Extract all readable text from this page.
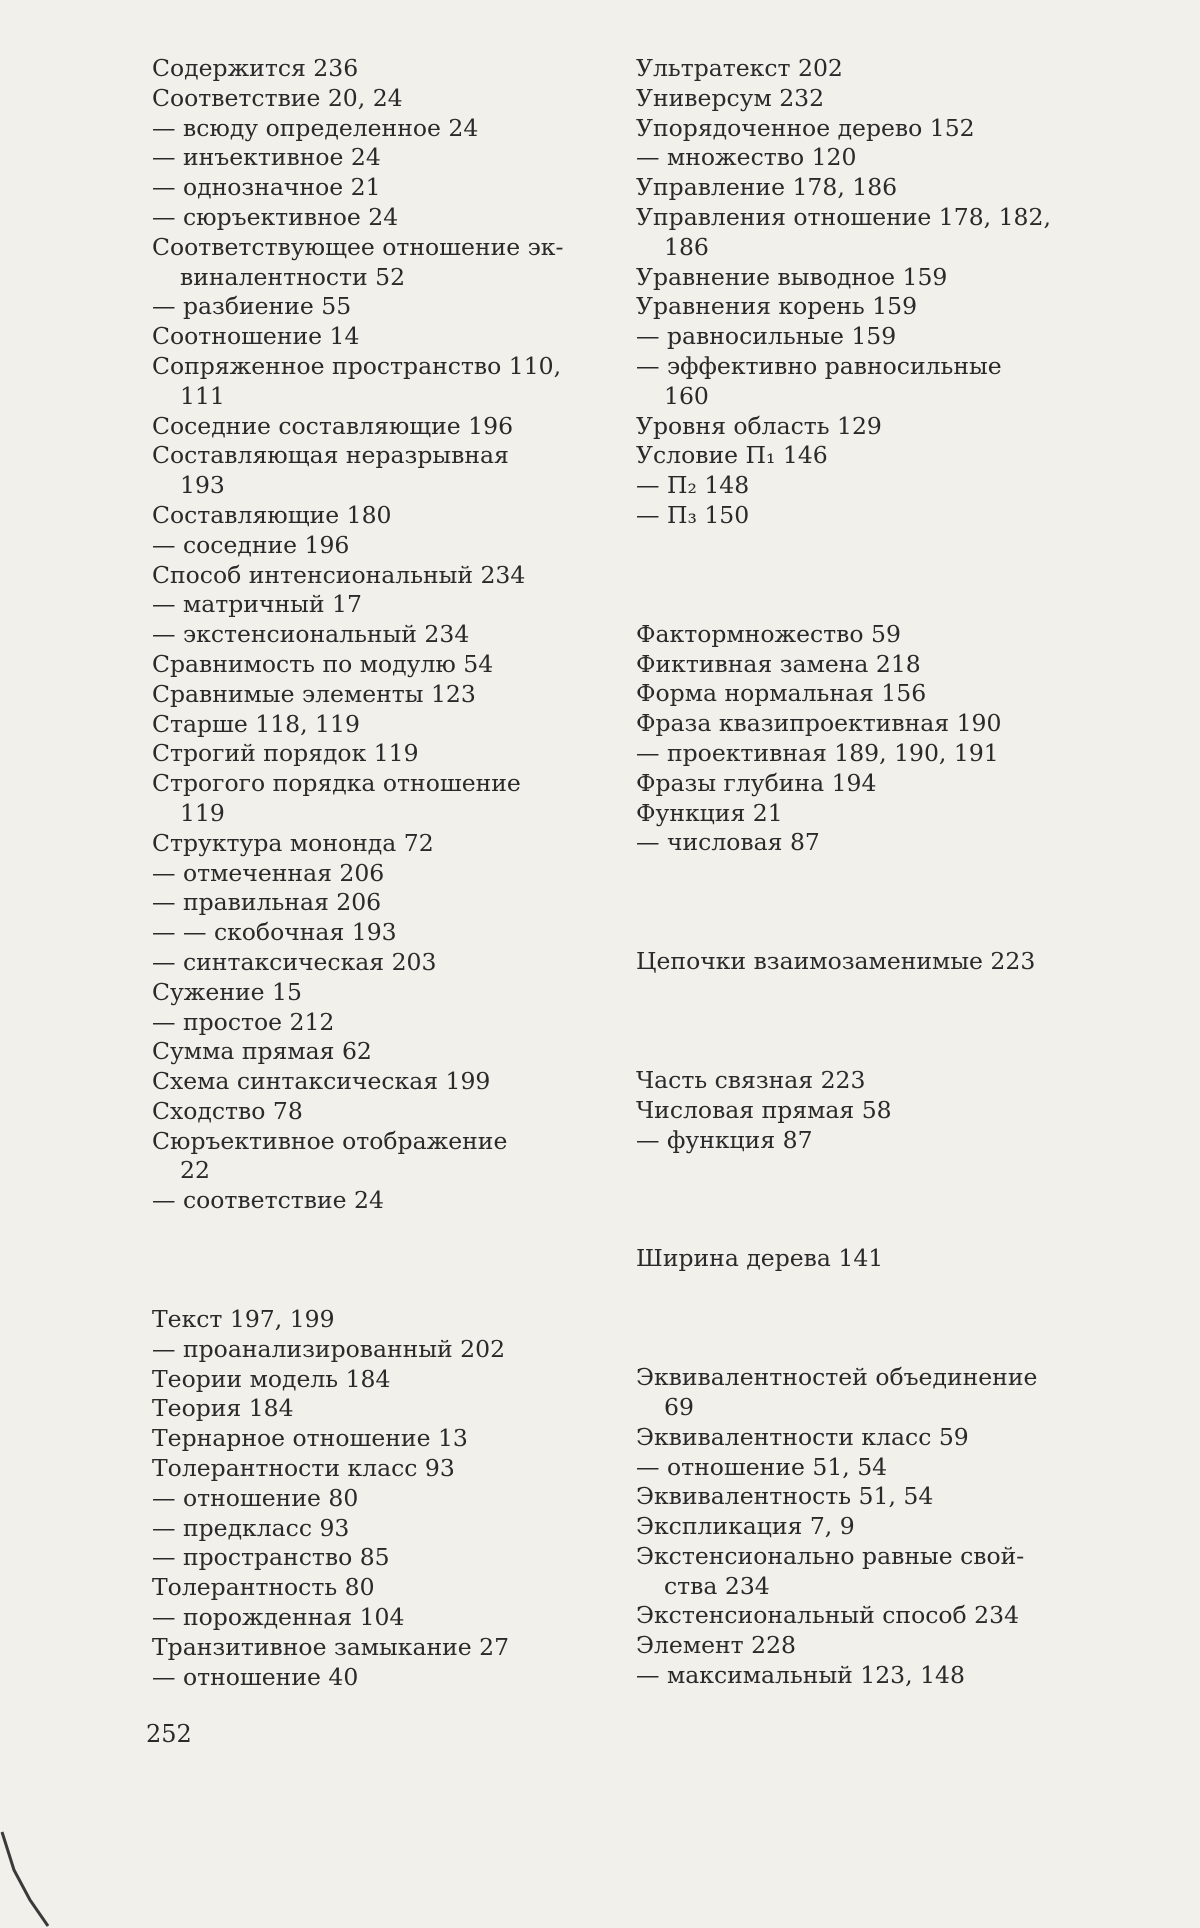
Содержится 236
Соответствие 20, 24
— всюду определенное 24
— инъективное 24
— однозначное 21
— сюръективное 24
Соответствующее отношение эк-
виналентности 52
— разбиение 55
Соотношение 14
Сопряженное пространство 110,
111
Соседние составляющие 196
Составляющая неразрывная
193
Составляющие 180
— соседние 196
Способ интенсиональный 234
— матричный 17
— экстенсиональный 234
Сравнимость по модулю 54
Сравнимые элементы 123
Старше 118, 119
Строгий порядок 119
Строгого порядка отношение
119
Структура мононда 72
— отмеченная 206
— правильная 206
— — скобочная 193
— синтаксическая 203
Сужение 15
— простое 212
Сумма прямая 62
Схема синтаксическая 199
Сходство 78
Сюръективное отображение
22
— соответствие 24
Текст 197, 199
— проанализированный 202
Теории модель 184
Теория 184
Тернарное отношение 13
Толерантности класс 93
— отношение 80
— предкласс 93
— пространство 85
Толерантность 80
— порожденная 104
Транзитивное замыкание 27
— отношение 40
Ультратекст 202
Универсум 232
Упорядоченное дерево 152
— множество 120
Управление 178, 186
Управления отношение 178, 182,
186
Уравнение выводное 159
Уравнения корень 159
— равносильные 159
— эффективно равносильные
160
Уровня область 129
Условие П₁ 146
— П₂ 148
— П₃ 150
Фактормножество 59
Фиктивная замена 218
Форма нормальная 156
Фраза квазипроективная 190
— проективная 189, 190, 191
Фразы глубина 194
Функция 21
— числовая 87
Цепочки взаимозаменимые 223
Часть связная 223
Числовая прямая 58
— функция 87
Ширина дерева 141
Эквивалентностей объединение
69
Эквивалентности класс 59
— отношение 51, 54
Эквивалентность 51, 54
Экспликация 7, 9
Экстенсионально равные свой-
ства 234
Экстенсиональный способ 234
Элемент 228
— максимальный 123, 148
252
